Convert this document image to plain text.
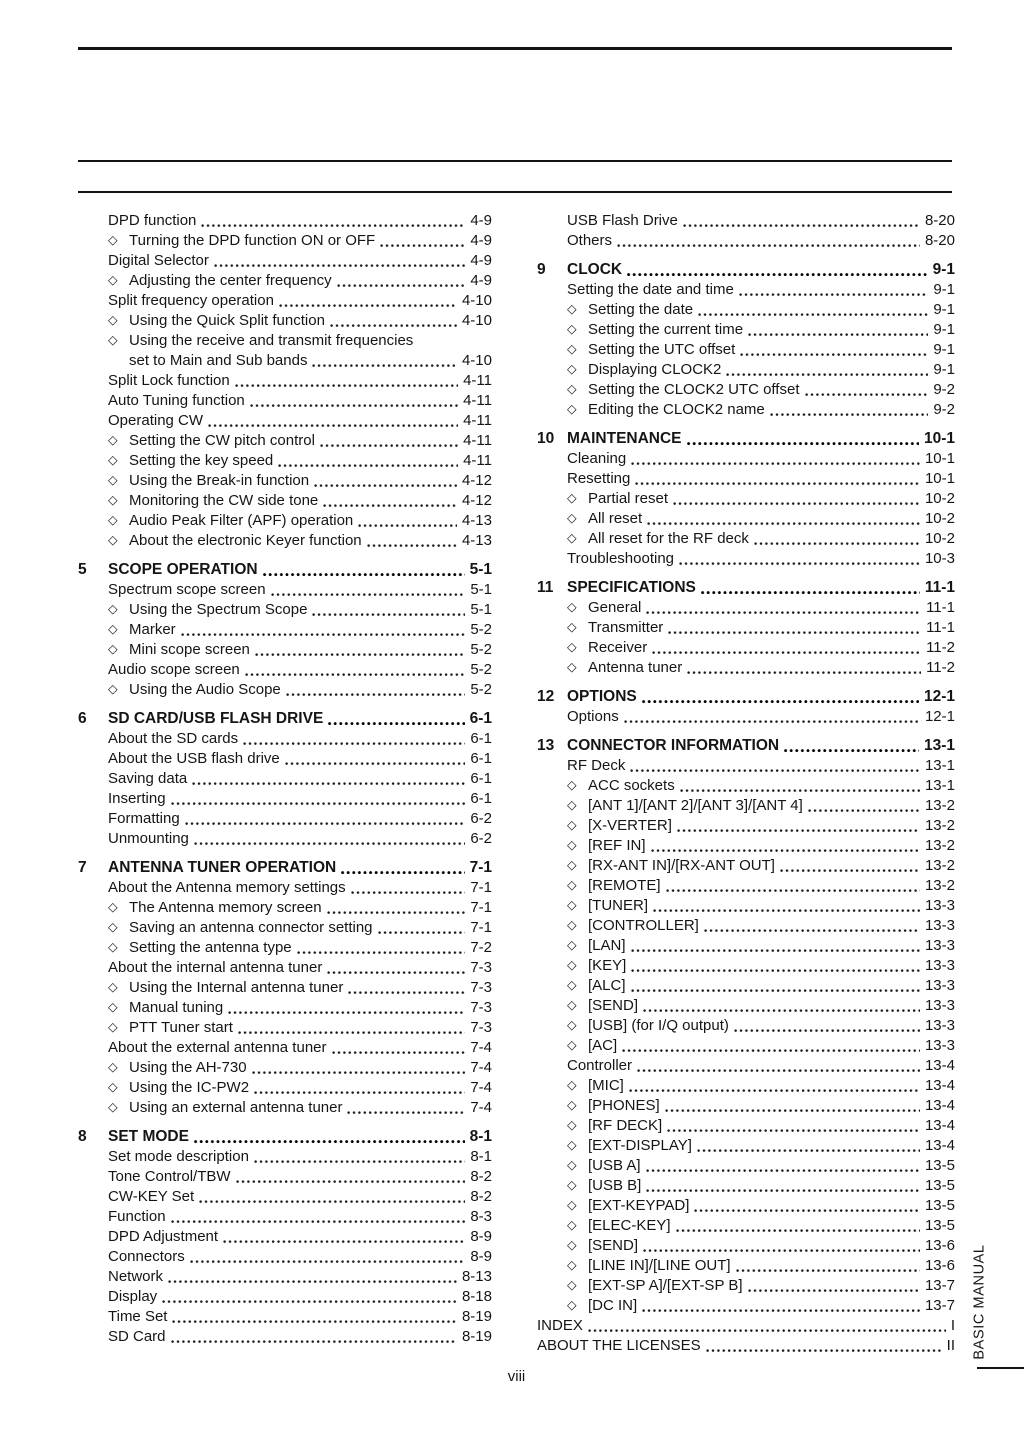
DPD function	4-9
◇ Turning the DPD function ON or OFF	4-9
Digital Selector	4-9
◇ Adjusting the center frequency	4-9
Split frequency operation	4-10
◇ Using the Quick Split function	4-10
◇ Using the receive and transmit frequencies
set to Main and Sub bands	4-10
Split Lock function	4-11
Auto Tuning function	4-11
Operating CW	4-11
◇ Setting the CW pitch control	4-11
◇ Setting the key speed	4-11
◇ Using the Break-in function	4-12
◇ Monitoring the CW side tone	4-12
◇ Audio Peak Filter (APF) operation	4-13
◇ About the electronic Keyer function	4-13
5	SCOPE OPERATION	5-1
Spectrum scope screen	5-1
◇ Using the Spectrum Scope	5-1
◇ Marker	5-2
◇ Mini scope screen	5-2
Audio scope screen	5-2
◇ Using the Audio Scope	5-2
6	SD CARD/USB FLASH DRIVE	6-1
About the SD cards	6-1
About the USB flash drive	6-1
Saving data	6-1
Inserting	6-1
Formatting	6-2
Unmounting	6-2
7	ANTENNA TUNER OPERATION	7-1
About the Antenna memory settings	7-1
◇ The Antenna memory screen	7-1
◇ Saving an antenna connector setting	7-1
◇ Setting the antenna type	7-2
About the internal antenna tuner	7-3
◇ Using the Internal antenna tuner	7-3
◇ Manual tuning	7-3
◇ PTT Tuner start	7-3
About the external antenna tuner	7-4
◇ Using the AH-730	7-4
◇ Using the IC-PW2	7-4
◇ Using an external antenna tuner	7-4
8	SET MODE	8-1
Set mode description	8-1
Tone Control/TBW	8-2
CW-KEY Set	8-2
Function	8-3
DPD Adjustment	8-9
Connectors	8-9
Network	8-13
Display	8-18
Time Set	8-19
SD Card	8-19
USB Flash Drive	8-20
Others	8-20
9	CLOCK	9-1
Setting the date and time	9-1
◇ Setting the date	9-1
◇ Setting the current time	9-1
◇ Setting the UTC offset	9-1
◇ Displaying CLOCK2	9-1
◇ Setting the CLOCK2 UTC offset	9-2
◇ Editing the CLOCK2 name	9-2
10 MAINTENANCE	10-1
Cleaning	10-1
Resetting	10-1
◇ Partial reset	10-2
◇ All reset	10-2
◇ All reset for the RF deck	10-2
Troubleshooting	10-3
11 SPECIFICATIONS	11-1
◇ General	11-1
◇ Transmitter	11-1
◇ Receiver	11-2
◇ Antenna tuner	11-2
12 OPTIONS	12-1
Options	12-1
13 CONNECTOR INFORMATION	13-1
RF Deck	13-1
◇ ACC sockets	13-1
◇ [ANT 1]/[ANT 2]/[ANT 3]/[ANT 4]	13-2
◇ [X-VERTER]	13-2
◇ [REF IN]	13-2
◇ [RX-ANT IN]/[RX-ANT OUT]	13-2
◇ [REMOTE]	13-2
◇ [TUNER]	13-3
◇ [CONTROLLER]	13-3
◇ [LAN]	13-3
◇ [KEY]	13-3
◇ [ALC]	13-3
◇ [SEND]	13-3
◇ [USB] (for I/Q output)	13-3
◇ [AC]	13-3
Controller	13-4
◇ [MIC]	13-4
◇ [PHONES]	13-4
◇ [RF DECK]	13-4
◇ [EXT-DISPLAY]	13-4
◇ [USB A]	13-5
◇ [USB B]	13-5
◇ [EXT-KEYPAD]	13-5
◇ [ELEC-KEY]	13-5
◇ [SEND]	13-6
◇ [LINE IN]/[LINE OUT]	13-6
◇ [EXT-SP A]/[EXT-SP B]	13-7
◇ [DC IN]	13-7
INDEX	I
ABOUT THE LICENSES	II
viii
BASIC MANUAL
